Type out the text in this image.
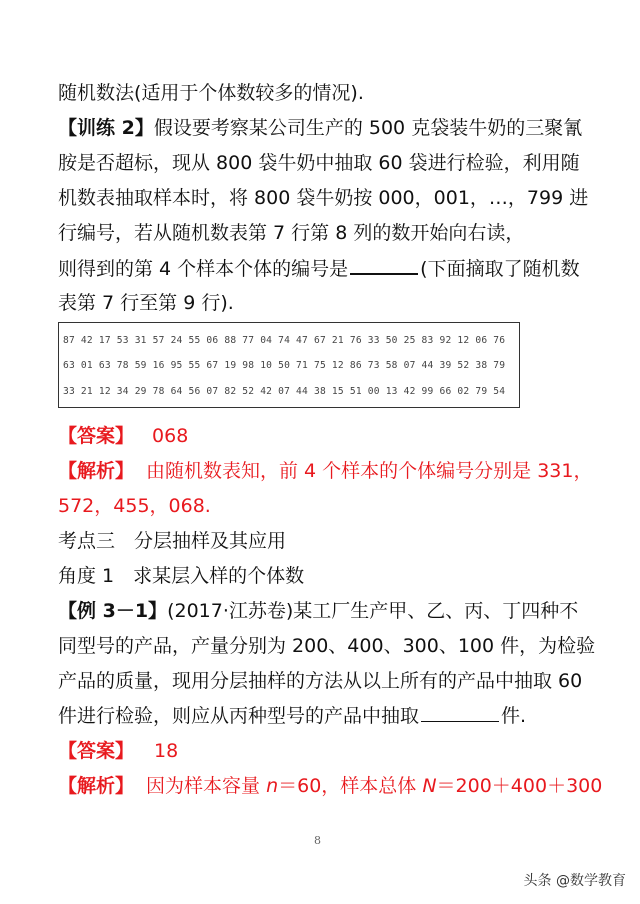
随机数法(适用于个体数较多的情况).
【训练 2】假设要考察某公司生产的 500 克袋装牛奶的三聚氰
胺是否超标，现从 800 袋牛奶中抽取 60 袋进行检验，利用随
机数表抽取样本时，将 800 袋牛奶按 000，001，…，799 进
行编号，若从随机数表第 7 行第 8 列的数开始向右读，
则得到的第 4 个样本个体的编号是	(下面摘取了随机数
表第 7 行至第 9 行).
87 42 17 53 31 57 24 55 06 88 77 04 74 47 67 21 76 33 50 25 83 92 12 06 76
63 01 63 78 59 16 95 55 67 19 98 10 50 71 75 12 86 73 58 07 44 39 52 38 79
33 21 12 34 29 78 64 56 07 82 52 42 07 44 38 15 51 00 13 42 99 66 02 79 54
【答案】 068
【解析】 由随机数表知，前 4 个样本的个体编号分别是 331，
572，455，068.
考点三　分层抽样及其应用
角度 1　求某层入样的个体数
【例 3－1】(2017·江苏卷)某工厂生产甲、乙、丙、丁四种不
同型号的产品，产量分别为 200、400、300、100 件，为检验
产品的质量，现用分层抽样的方法从以上所有的产品中抽取 60
件进行检验，则应从丙种型号的产品中抽取	件.
【答案】 18
【解析】 因为样本容量 n＝60，样本总体 N＝200＋400＋300
8
头条 @数学教育
